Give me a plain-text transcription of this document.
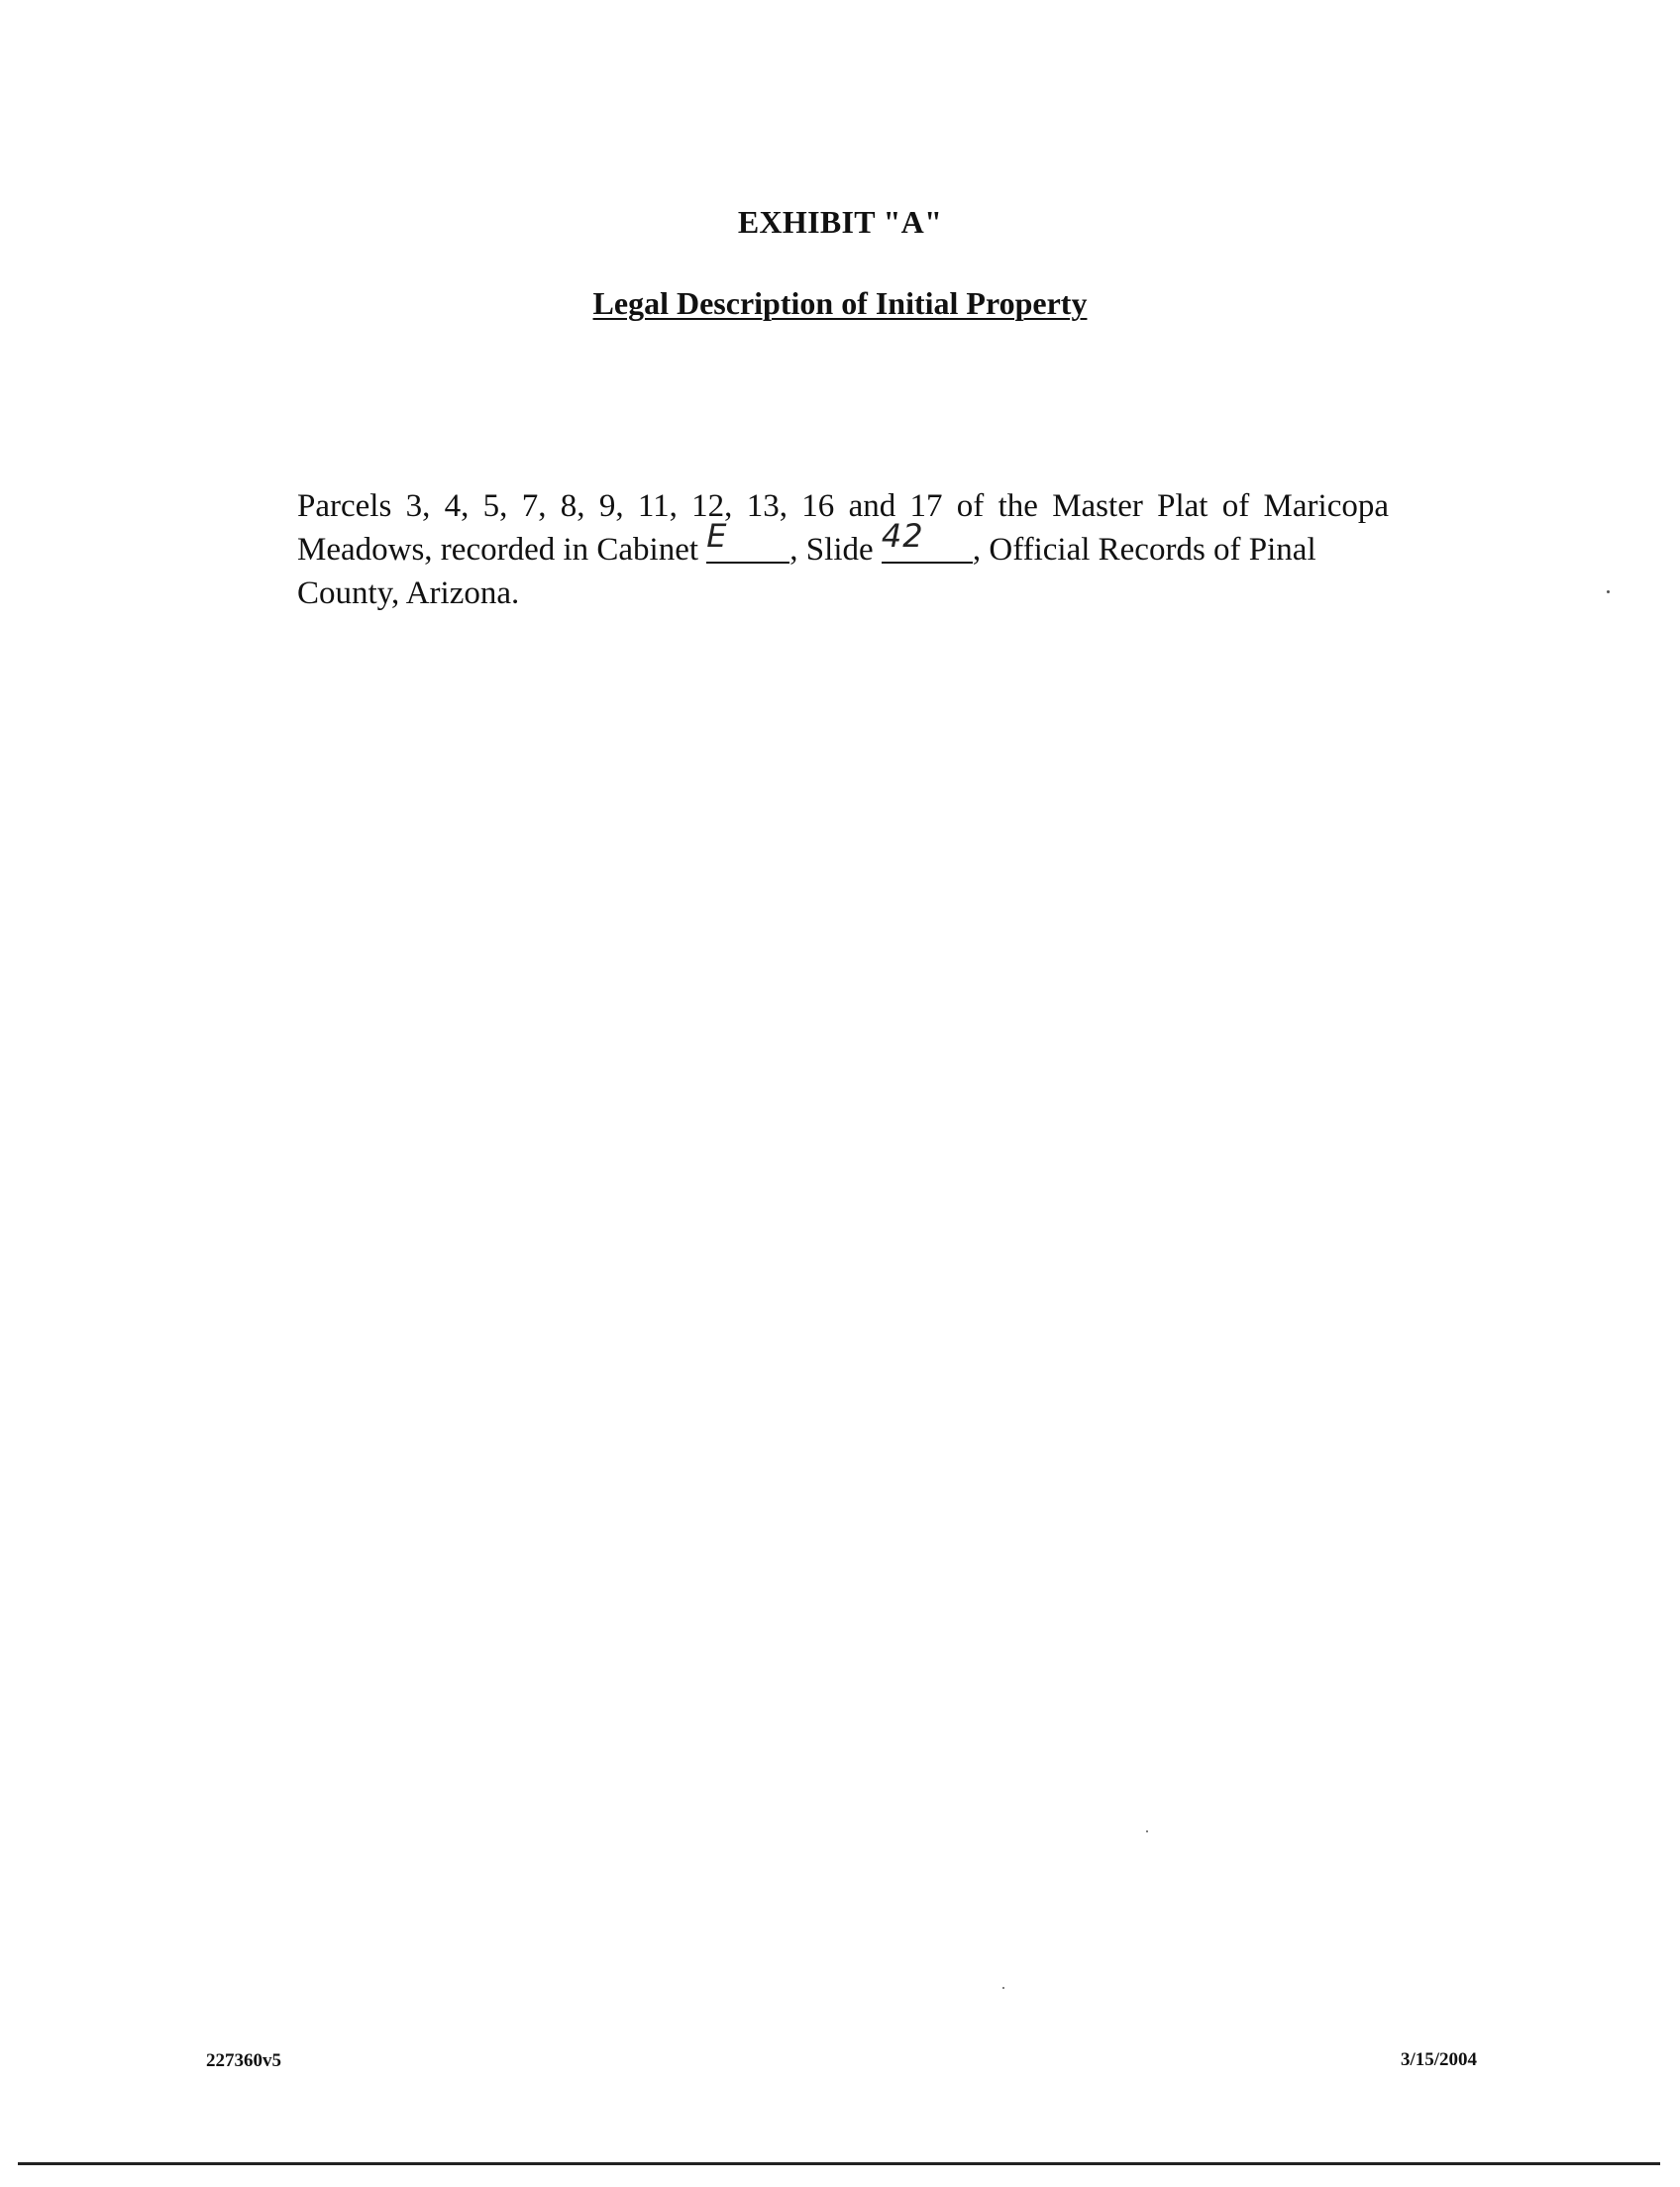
EXHIBIT "A"
Legal Description of Initial Property
Parcels 3, 4, 5, 7, 8, 9, 11, 12, 13, 16 and 17 of the Master Plat of Maricopa
Meadows, recorded in Cabinet E	, Slide 42	, Official Records of Pinal
County, Arizona.
227360v5	3/15/2004
